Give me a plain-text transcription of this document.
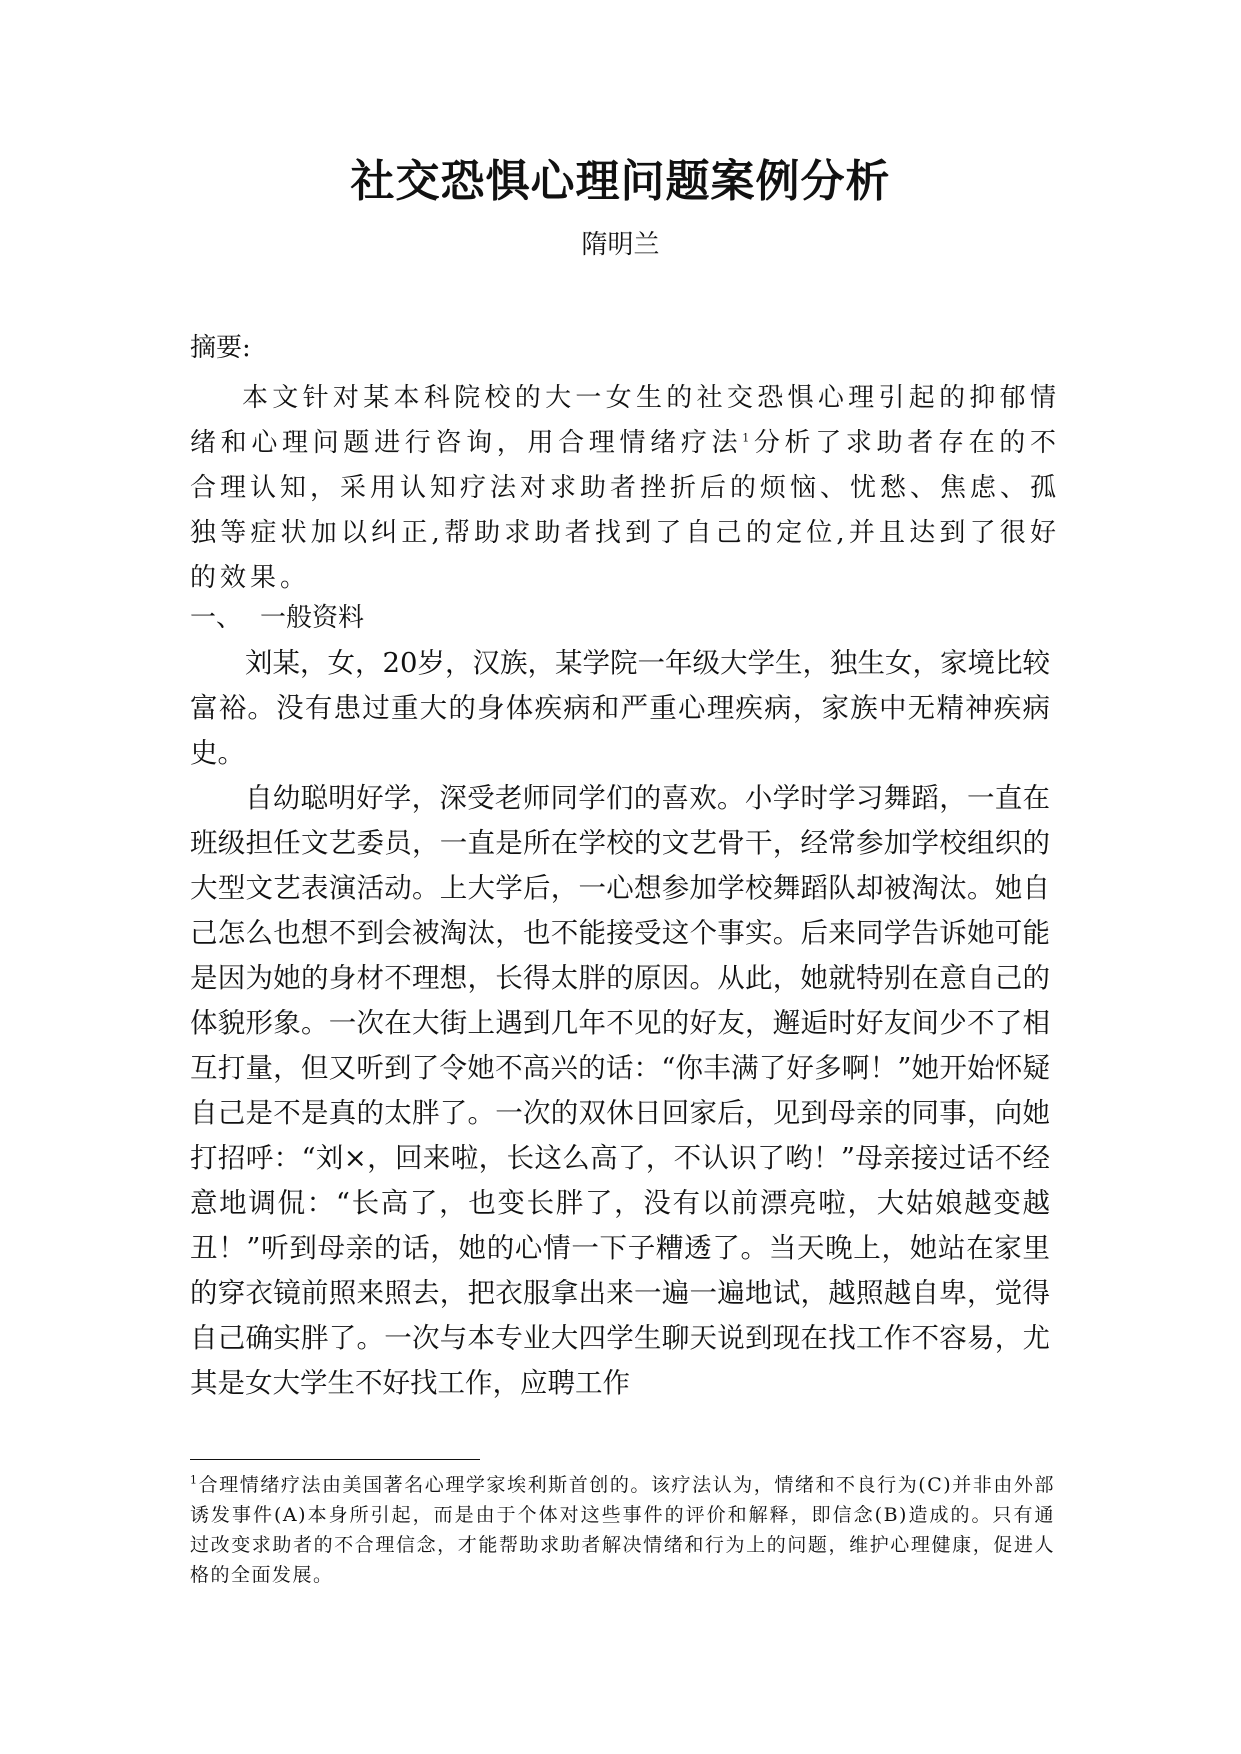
社交恐惧心理问题案例分析

隋明兰

摘要:

本文针对某本科院校的大一女生的社交恐惧心理引起的抑郁情绪和心理问题进行咨询，用合理情绪疗法$^1$分析了求助者存在的不合理认知，采用认知疗法对求助者挫折后的烦恼、忧愁、焦虑、孤独等症状加以纠正,帮助求助者找到了自己的定位,并且达到了很好的效果。

一、 一般资料

刘某，女，20岁，汉族，某学院一年级大学生，独生女，家境比较富裕。没有患过重大的身体疾病和严重心理疾病，家族中无精神疾病史。

自幼聪明好学，深受老师同学们的喜欢。小学时学习舞蹈，一直在班级担任文艺委员，一直是所在学校的文艺骨干，经常参加学校组织的大型文艺表演活动。上大学后，一心想参加学校舞蹈队却被淘汰。她自己怎么也想不到会被淘汰，也不能接受这个事实。后来同学告诉她可能是因为她的身材不理想，长得太胖的原因。从此，她就特别在意自己的体貌形象。一次在大街上遇到几年不见的好友，邂逅时好友间少不了相互打量，但又听到了令她不高兴的话：“你丰满了好多啊！”她开始怀疑自己是不是真的太胖了。一次的双休日回家后，见到母亲的同事，向她打招呼：“刘×，回来啦，长这么高了，不认识了哟！”母亲接过话不经意地调侃：“长高了，也变长胖了，没有以前漂亮啦，大姑娘越变越丑！”听到母亲的话，她的心情一下子糟透了。当天晚上，她站在家里的穿衣镜前照来照去，把衣服拿出来一遍一遍地试，越照越自卑，觉得自己确实胖了。一次与本专业大四学生聊天说到现在找工作不容易，尤其是女大学生不好找工作，应聘工作

$^1$合理情绪疗法由美国著名心理学家埃利斯首创的。该疗法认为，情绪和不良行为(C)并非由外部诱发事件(A)本身所引起，而是由于个体对这些事件的评价和解释，即信念(B)造成的。只有通过改变求助者的不合理信念，才能帮助求助者解决情绪和行为上的问题，维护心理健康，促进人格的全面发展。
